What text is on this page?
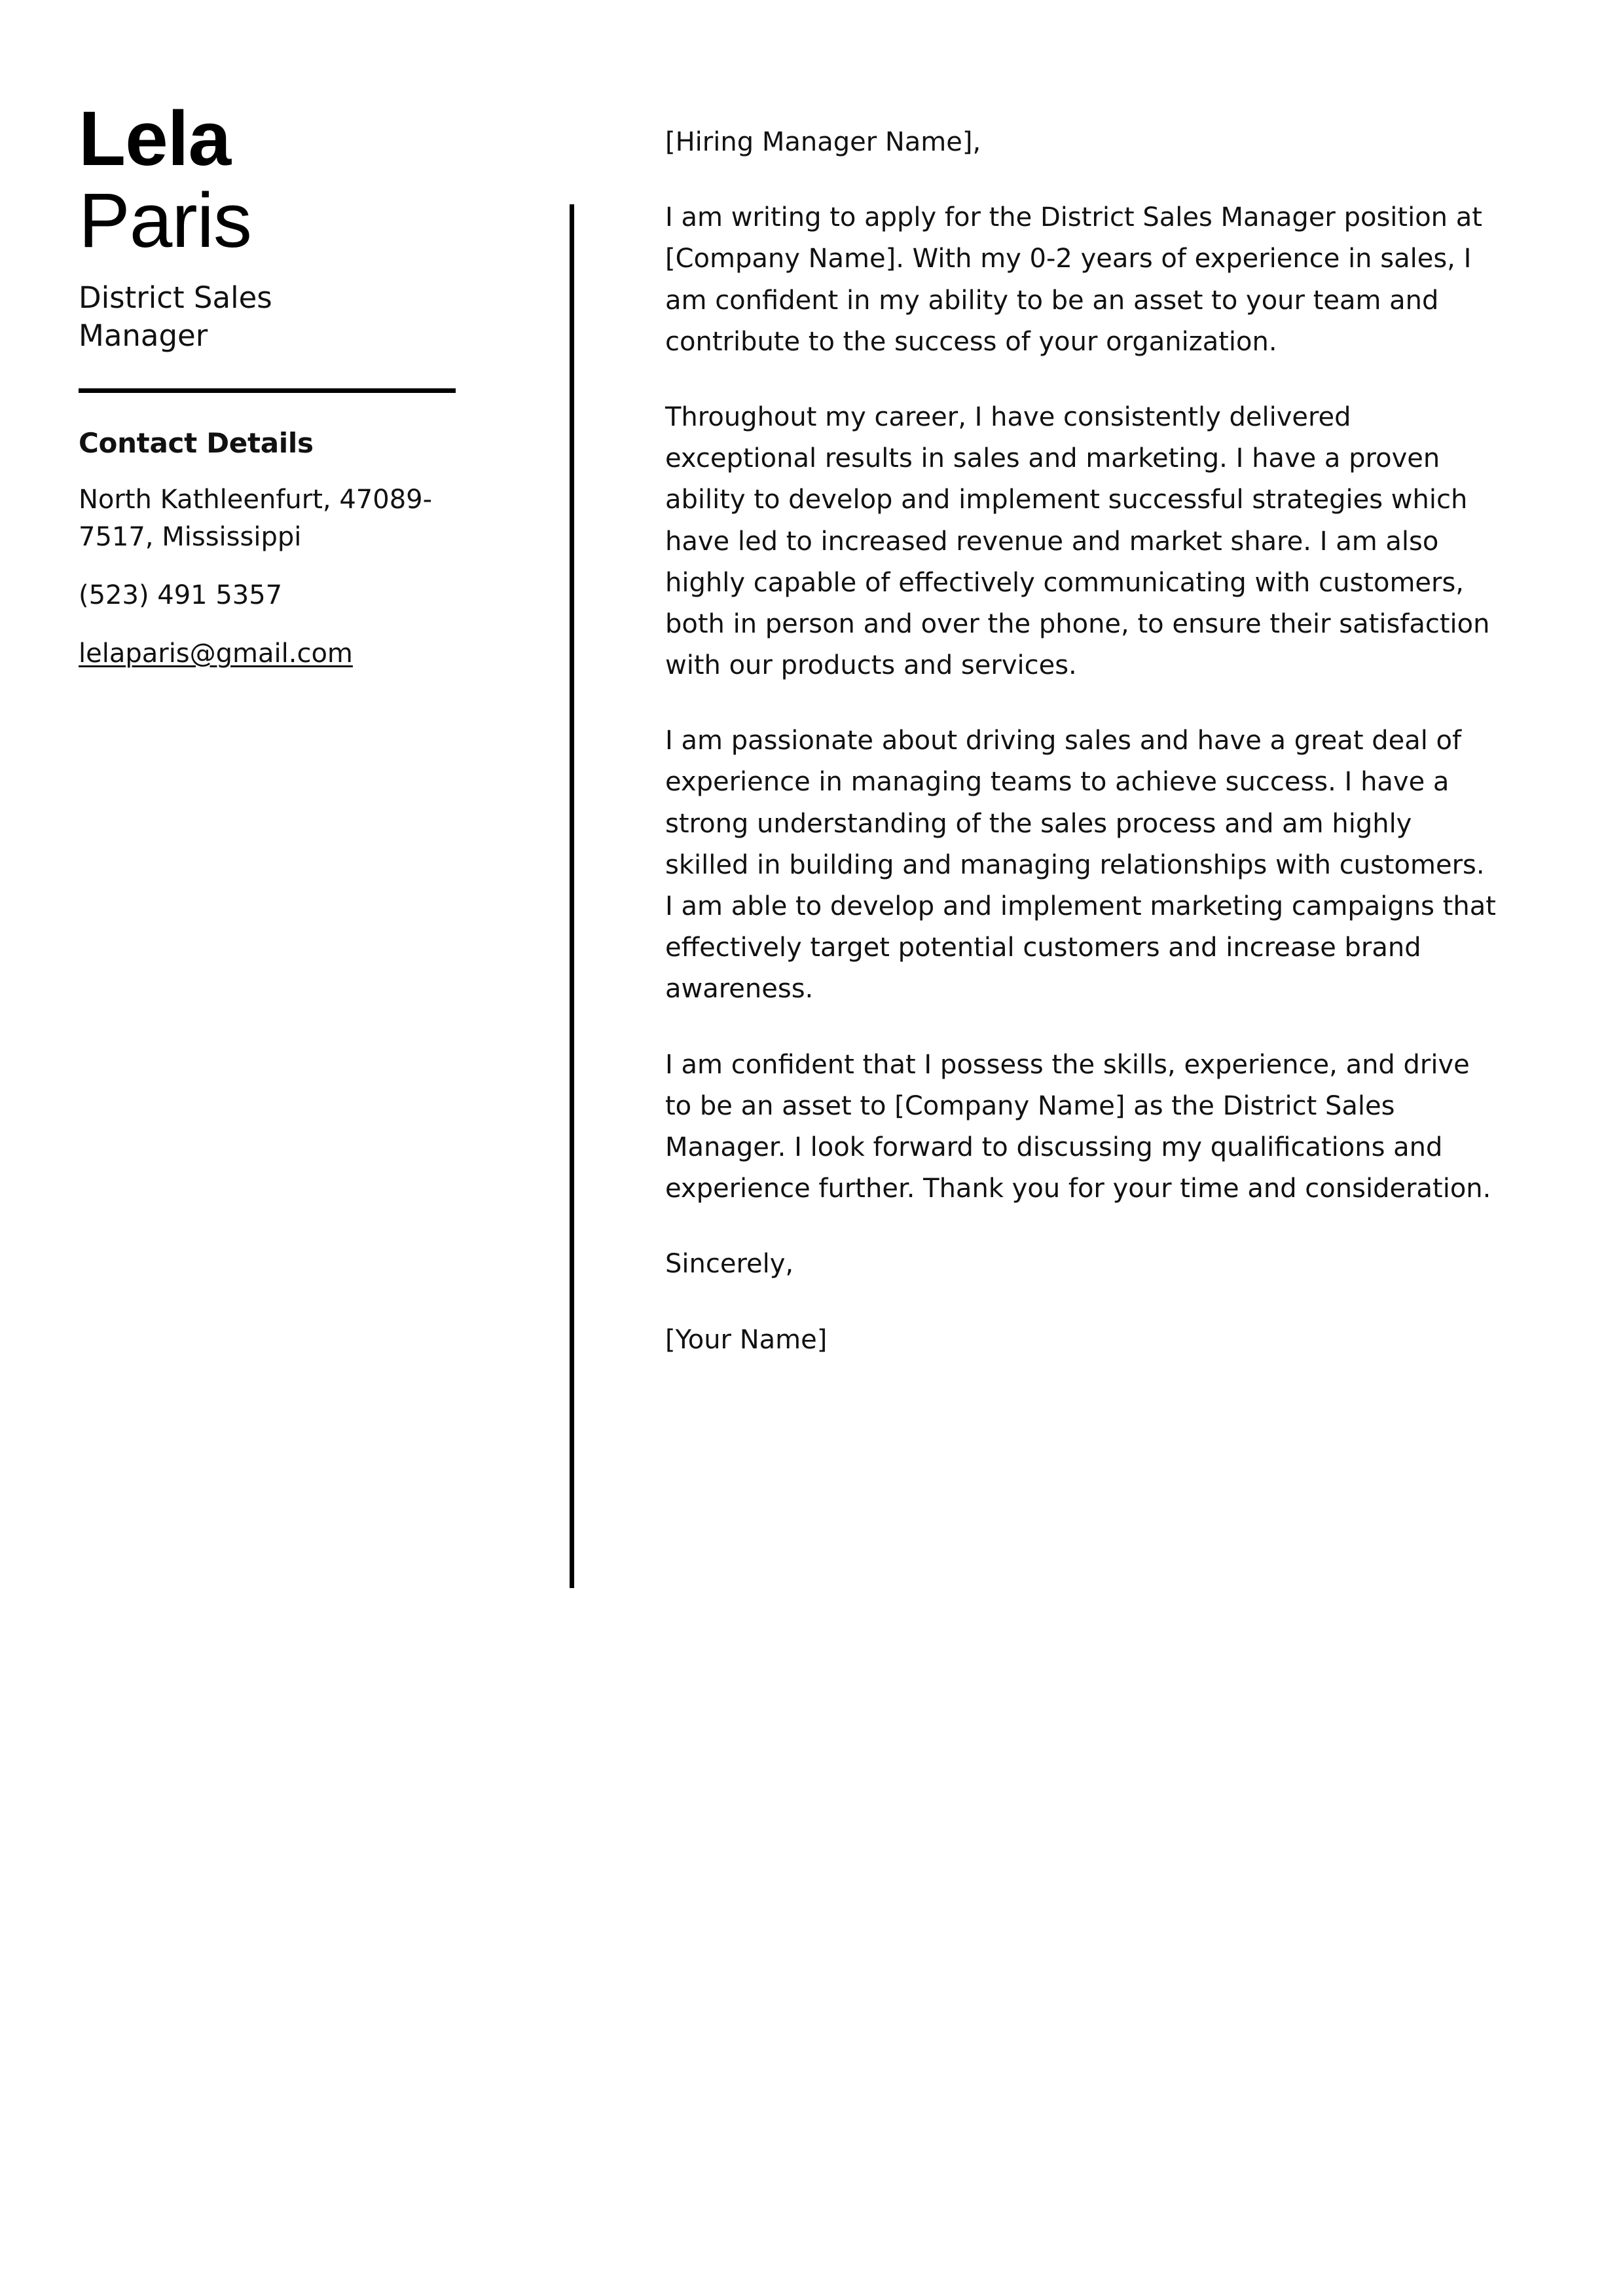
Lela
Paris
District Sales Manager
Contact Details
North Kathleenfurt, 47089-7517, Mississippi
(523) 491 5357
lelaparis@gmail.com

[Hiring Manager Name],

I am writing to apply for the District Sales Manager position at [Company Name]. With my 0-2 years of experience in sales, I am confident in my ability to be an asset to your team and contribute to the success of your organization.

Throughout my career, I have consistently delivered exceptional results in sales and marketing. I have a proven ability to develop and implement successful strategies which have led to increased revenue and market share. I am also highly capable of effectively communicating with customers, both in person and over the phone, to ensure their satisfaction with our products and services.

I am passionate about driving sales and have a great deal of experience in managing teams to achieve success. I have a strong understanding of the sales process and am highly skilled in building and managing relationships with customers. I am able to develop and implement marketing campaigns that effectively target potential customers and increase brand awareness.

I am confident that I possess the skills, experience, and drive to be an asset to [Company Name] as the District Sales Manager. I look forward to discussing my qualifications and experience further. Thank you for your time and consideration.

Sincerely,

[Your Name]
